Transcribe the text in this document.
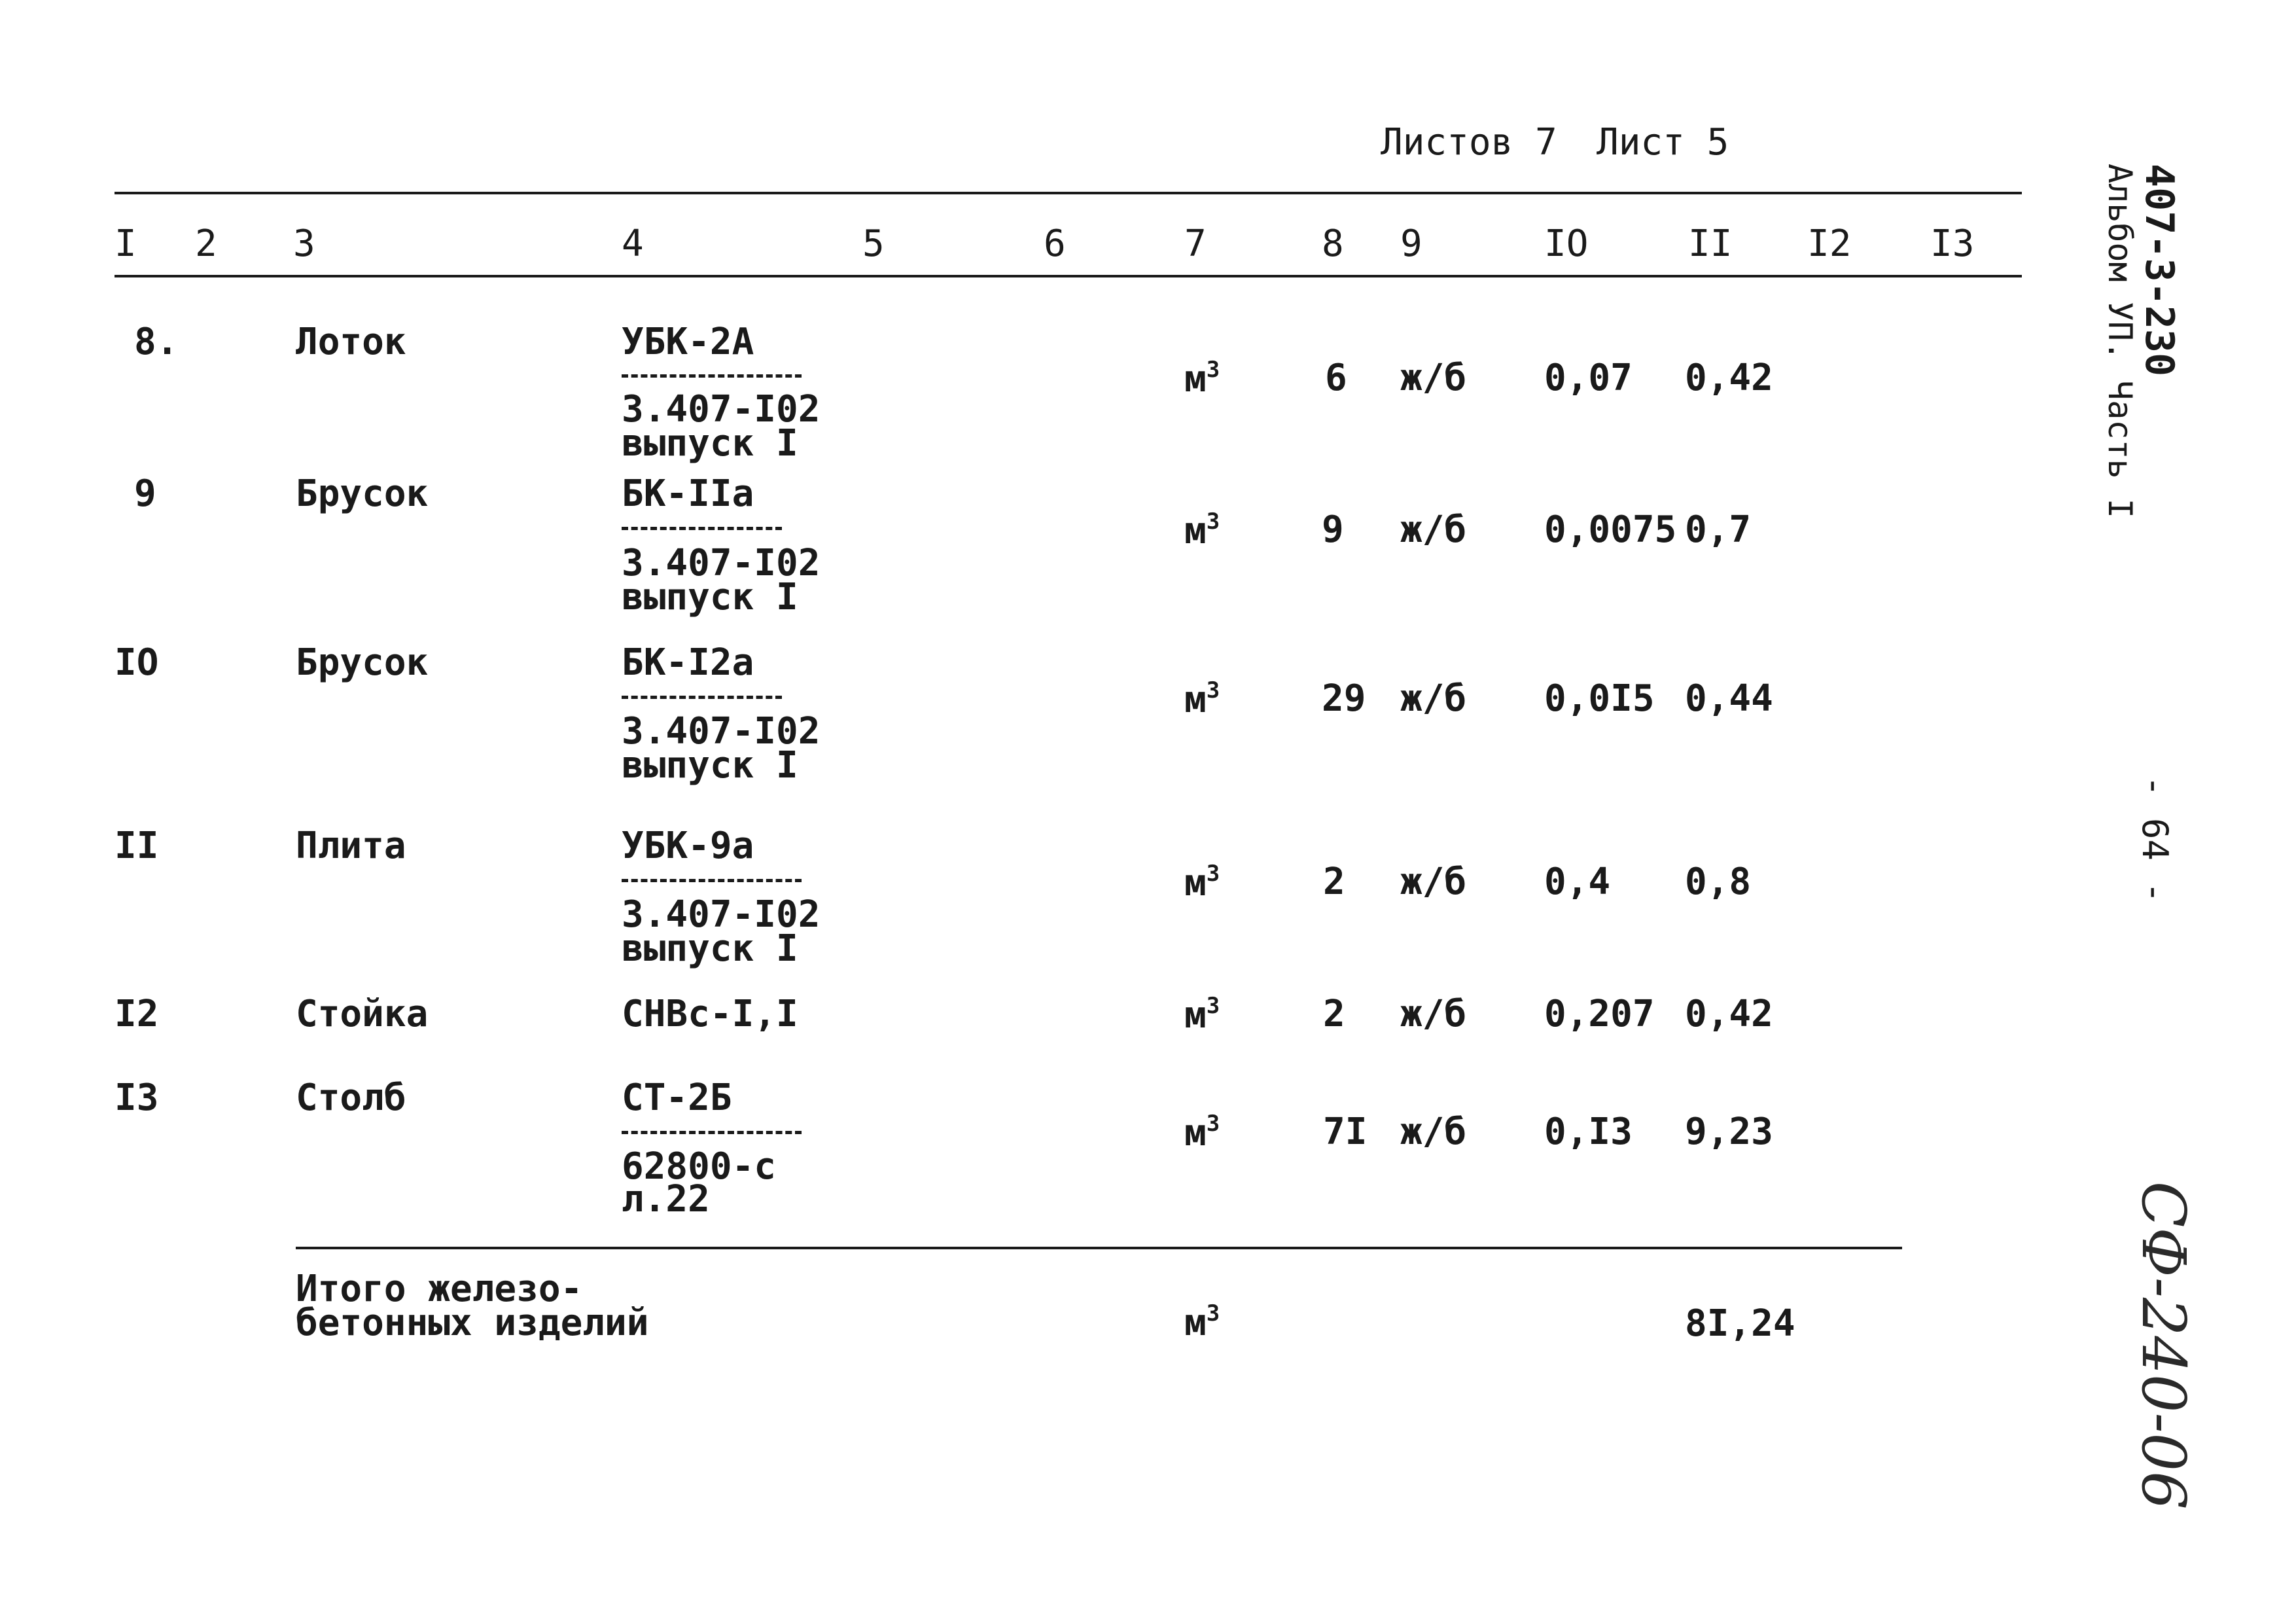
Листов 7 Лист 5
I 2 3	4	5	6	7	8 9	IO	II I2 I3
8.	Лоток	УБК-2А
3.407-I02
выпуск I
$м^3$	6 ж/б 0,07 0,42
9	Брусок	БК-IIа
3.407-I02
выпуск I
$м^3$	9 ж/б 0,0075 0,7
IO	Брусок	БК-I2а
3.407-I02
выпуск I
$м^3$	29 ж/б 0,0I5 0,44
II	Плита	УБК-9а
3.407-I02
выпуск I
$м^3$	2 ж/б 0,4 0,8
I2	Стойка	СНВс-I,I	$м^3$	2 ж/б 0,207 0,42
I3	Столб	СТ-2Б
62800-с
л.22
$м^3$	7I ж/б 0,I3 9,23
Итого железо-
бетонных изделий	$м^3$	8I,24
407-3-230
Альбом УП. Часть I
- 64 -
СФ-240-06
